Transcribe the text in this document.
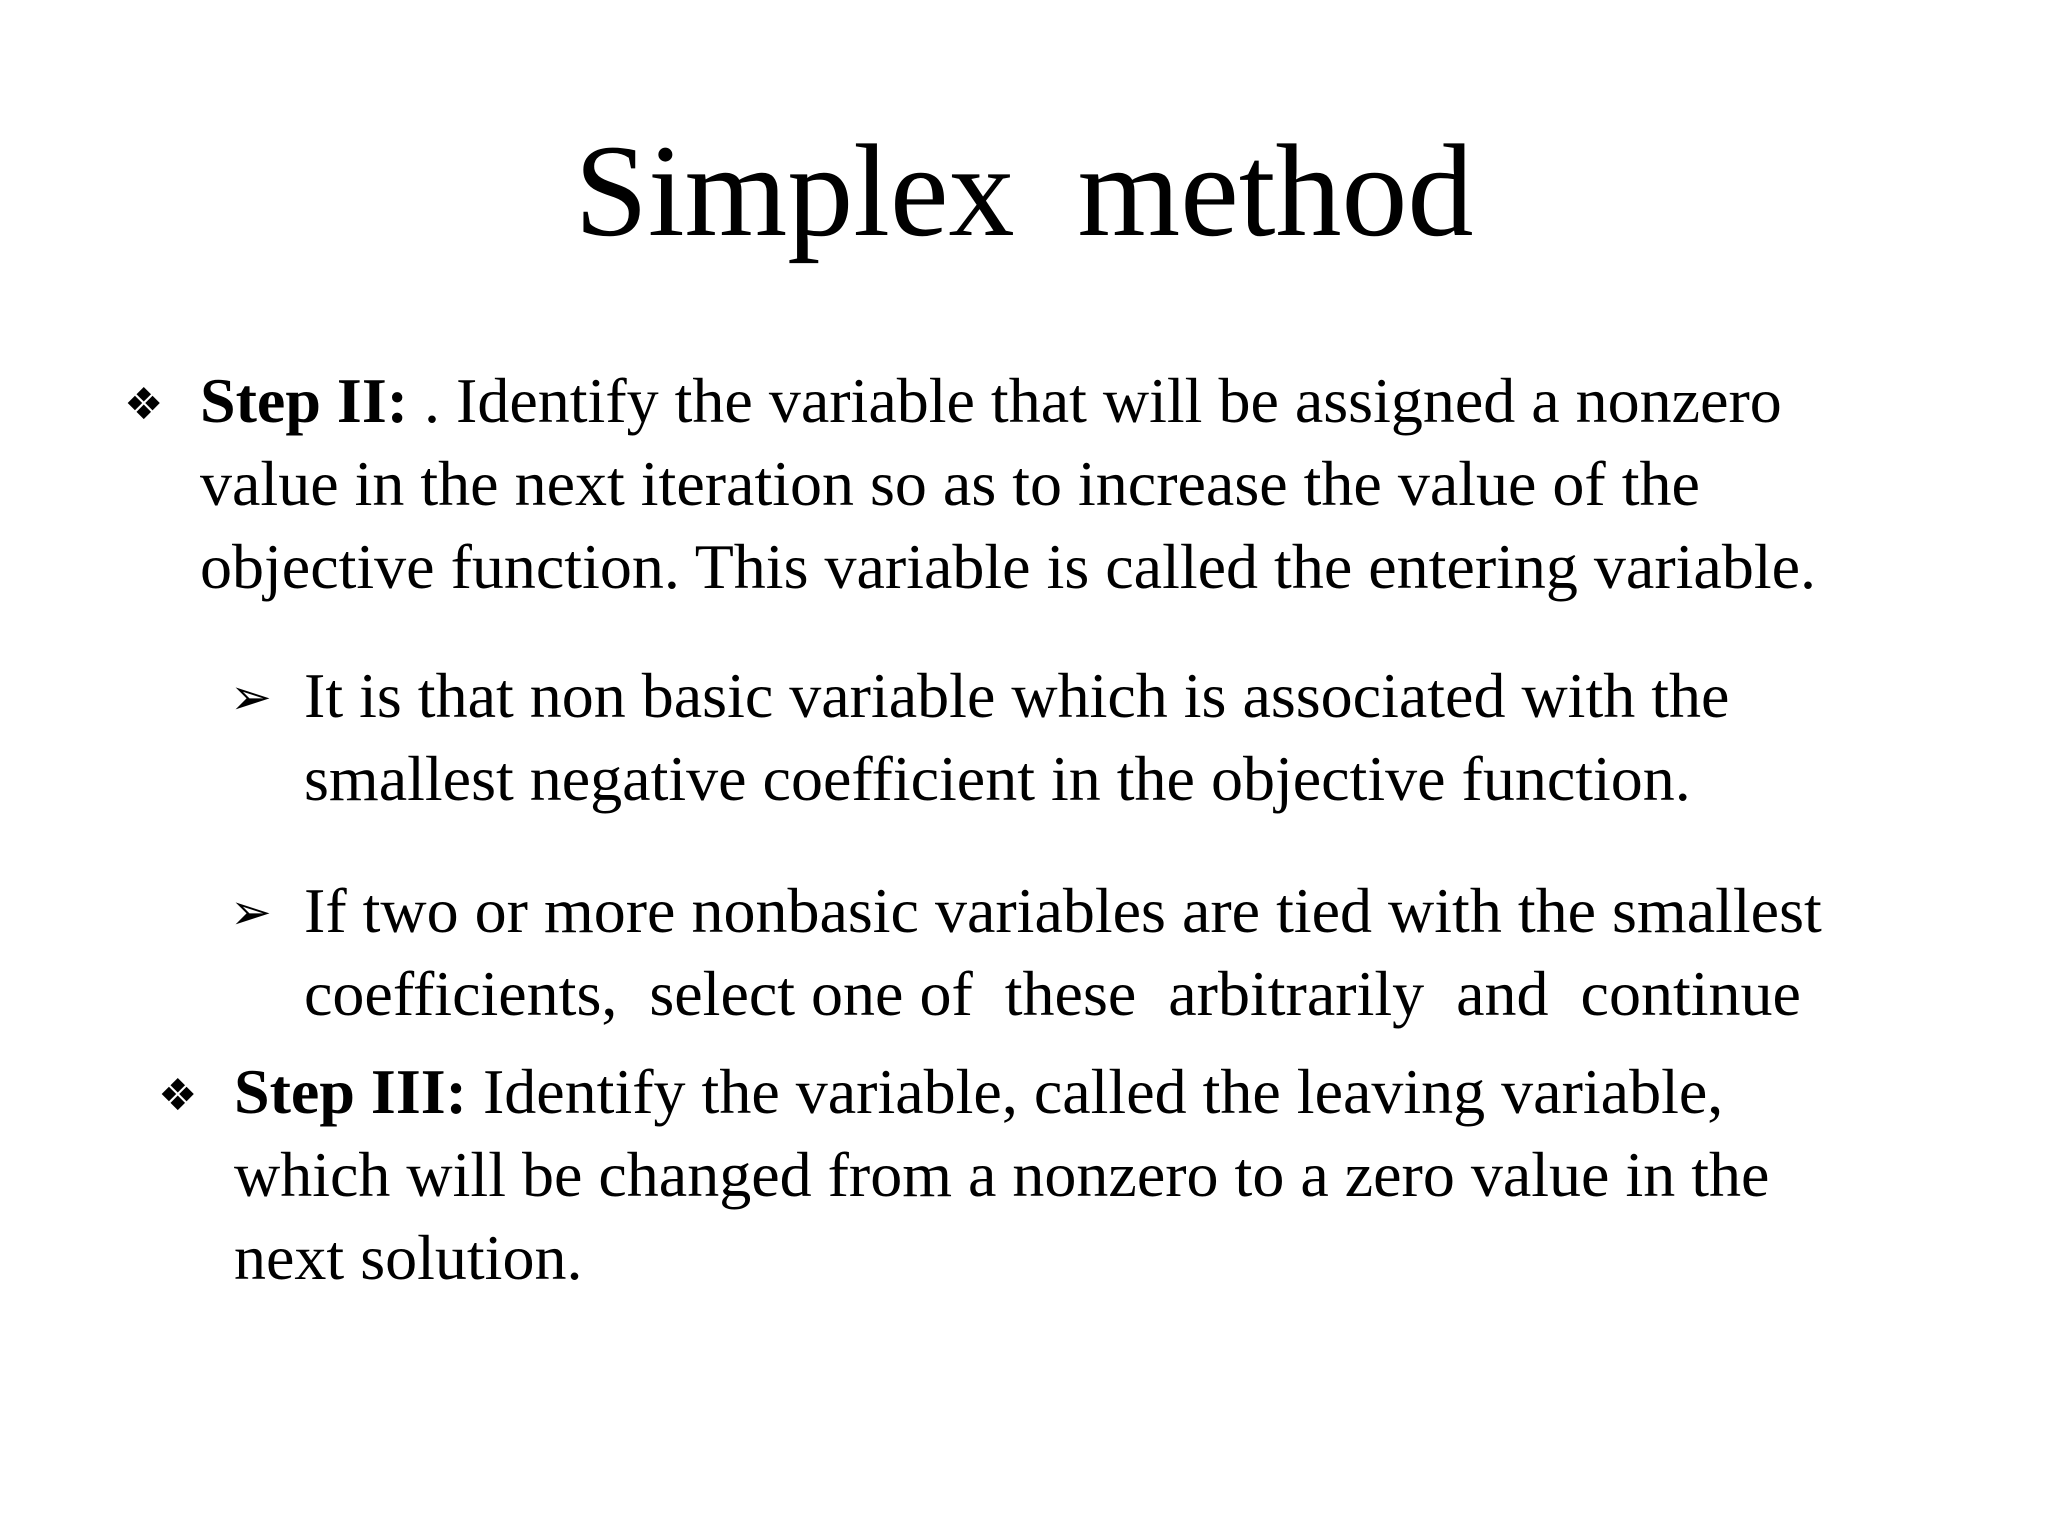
Simplex method
❖ Step II: . Identify the variable that will be assigned a nonzero
value in the next iteration so as to increase the value of the
objective function. This variable is called the entering variable.
➢ It is that non basic variable which is associated with the
smallest negative coefficient in the objective function.
➢ If two or more nonbasic variables are tied with the smallest
coefficients,  select one of  these  arbitrarily  and  continue
❖ Step III: Identify the variable, called the leaving variable,
which will be changed from a nonzero to a zero value in the
next solution.
